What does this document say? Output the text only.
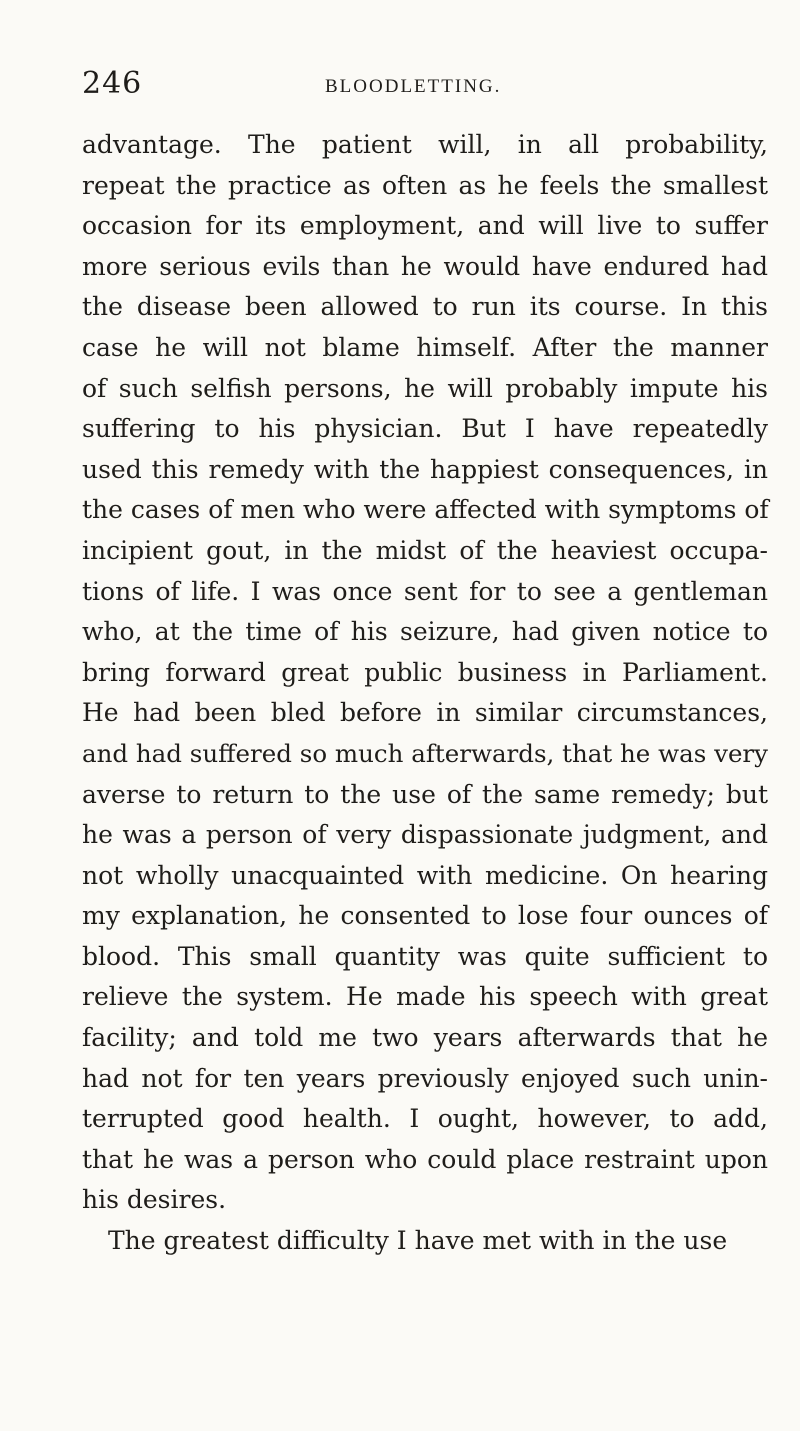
246	BLOODLETTING.
advantage. The patient will, in all probability,
repeat the practice as often as he feels the smallest
occasion for its employment, and will live to suffer
more serious evils than he would have endured had
the disease been allowed to run its course. In this
case he will not blame himself. After the manner
of such selfish persons, he will probably impute his
suffering to his physician. But I have repeatedly
used this remedy with the happiest consequences, in
the cases of men who were affected with symptoms of
incipient gout, in the midst of the heaviest occupa-
tions of life. I was once sent for to see a gentleman
who, at the time of his seizure, had given notice to
bring forward great public business in Parliament.
He had been bled before in similar circumstances,
and had suffered so much afterwards, that he was very
averse to return to the use of the same remedy; but
he was a person of very dispassionate judgment, and
not wholly unacquainted with medicine. On hearing
my explanation, he consented to lose four ounces of
blood. This small quantity was quite sufficient to
relieve the system. He made his speech with great
facility; and told me two years afterwards that he
had not for ten years previously enjoyed such unin-
terrupted good health. I ought, however, to add,
that he was a person who could place restraint upon
his desires.
The greatest difficulty I have met with in the use
